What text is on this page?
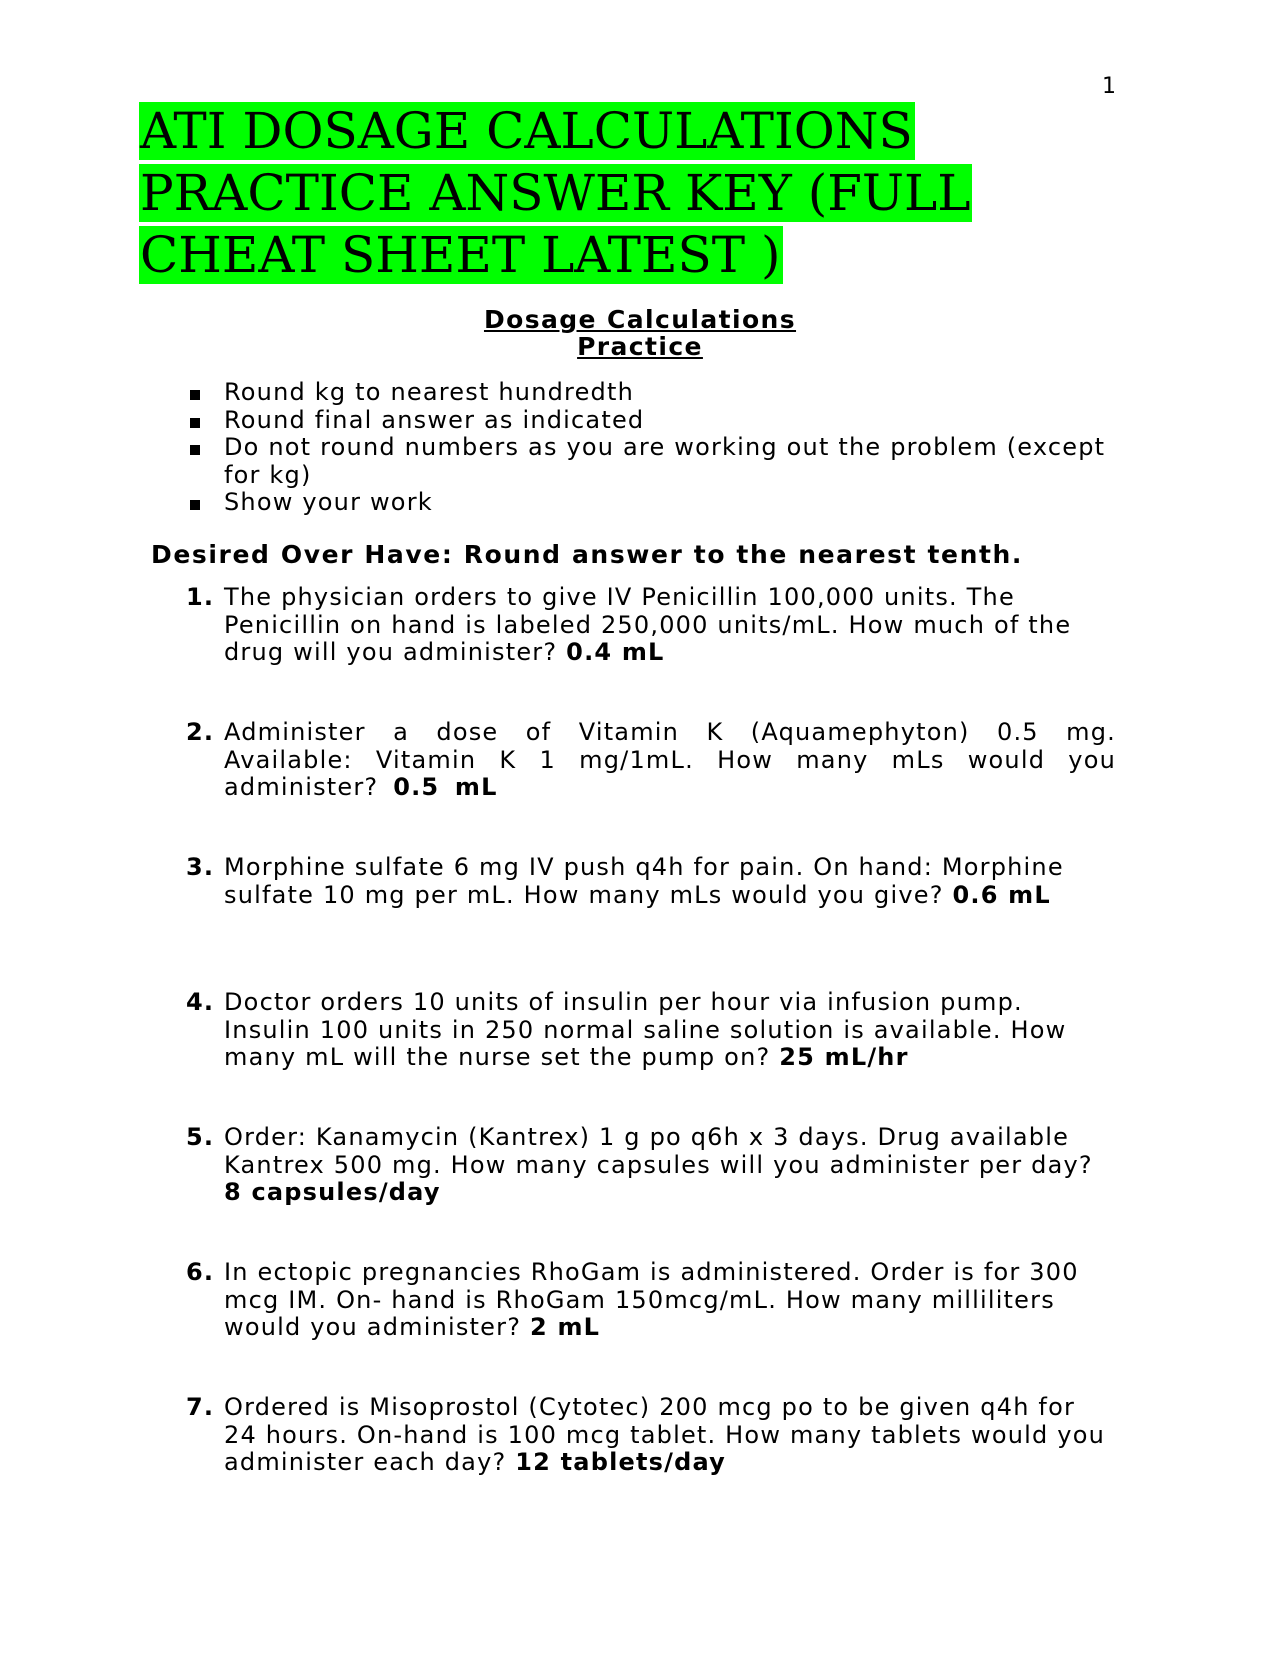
1
ATI DOSAGE CALCULATIONS
PRACTICE ANSWER KEY (FULL
CHEAT SHEET LATEST )
Dosage Calculations
Practice
Round kg to nearest hundredth
Round final answer as indicated
Do not round numbers as you are working out the problem (except for kg)
Show your work
Desired Over Have: Round answer to the nearest tenth.
1. The physician orders to give IV Penicillin 100,000 units. The Penicillin on hand is labeled 250,000 units/mL. How much of the drug will you administer? 0.4 mL
2. Administer a dose of Vitamin K (Aquamephyton) 0.5 mg. Available: Vitamin K 1 mg/1mL. How many mLs would you administer? 0.5 mL
3. Morphine sulfate 6 mg IV push q4h for pain. On hand: Morphine sulfate 10 mg per mL. How many mLs would you give? 0.6 mL
4. Doctor orders 10 units of insulin per hour via infusion pump. Insulin 100 units in 250 normal saline solution is available. How many mL will the nurse set the pump on? 25 mL/hr
5. Order: Kanamycin (Kantrex) 1 g po q6h x 3 days. Drug available Kantrex 500 mg. How many capsules will you administer per day? 8 capsules/day
6. In ectopic pregnancies RhoGam is administered. Order is for 300 mcg IM. On- hand is RhoGam 150mcg/mL. How many milliliters would you administer? 2 mL
7. Ordered is Misoprostol (Cytotec) 200 mcg po to be given q4h for 24 hours. On-hand is 100 mcg tablet. How many tablets would you administer each day? 12 tablets/day
